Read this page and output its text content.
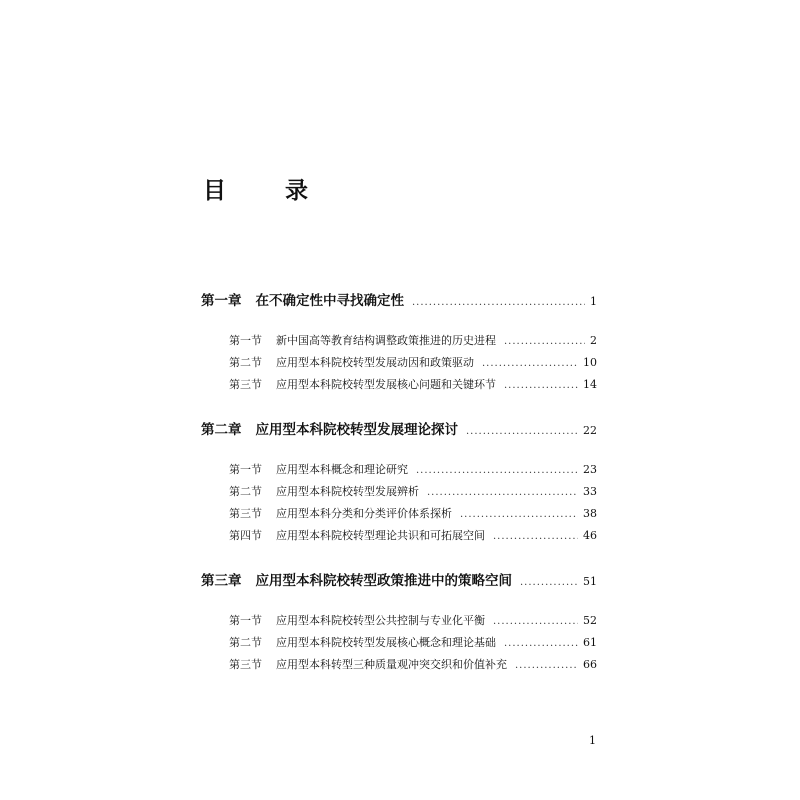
目　录
第一章 在不确定性中寻找确定性 .....	1
第一节 新中国高等教育结构调整政策推进的历史进程 .....	2
第二节 应用型本科院校转型发展动因和政策驱动 .....	10
第三节 应用型本科院校转型发展核心问题和关键环节 .....	14
第二章 应用型本科院校转型发展理论探讨 .....	22
第一节 应用型本科概念和理论研究 .....	23
第二节 应用型本科院校转型发展辨析 .....	33
第三节 应用型本科分类和分类评价体系探析 .....	38
第四节 应用型本科院校转型理论共识和可拓展空间 .....	46
第三章 应用型本科院校转型政策推进中的策略空间 .....	51
第一节 应用型本科院校转型公共控制与专业化平衡 .....	52
第二节 应用型本科院校转型发展核心概念和理论基础 .....	61
第三节 应用型本科转型三种质量观冲突交织和价值补充 .....	66
1
